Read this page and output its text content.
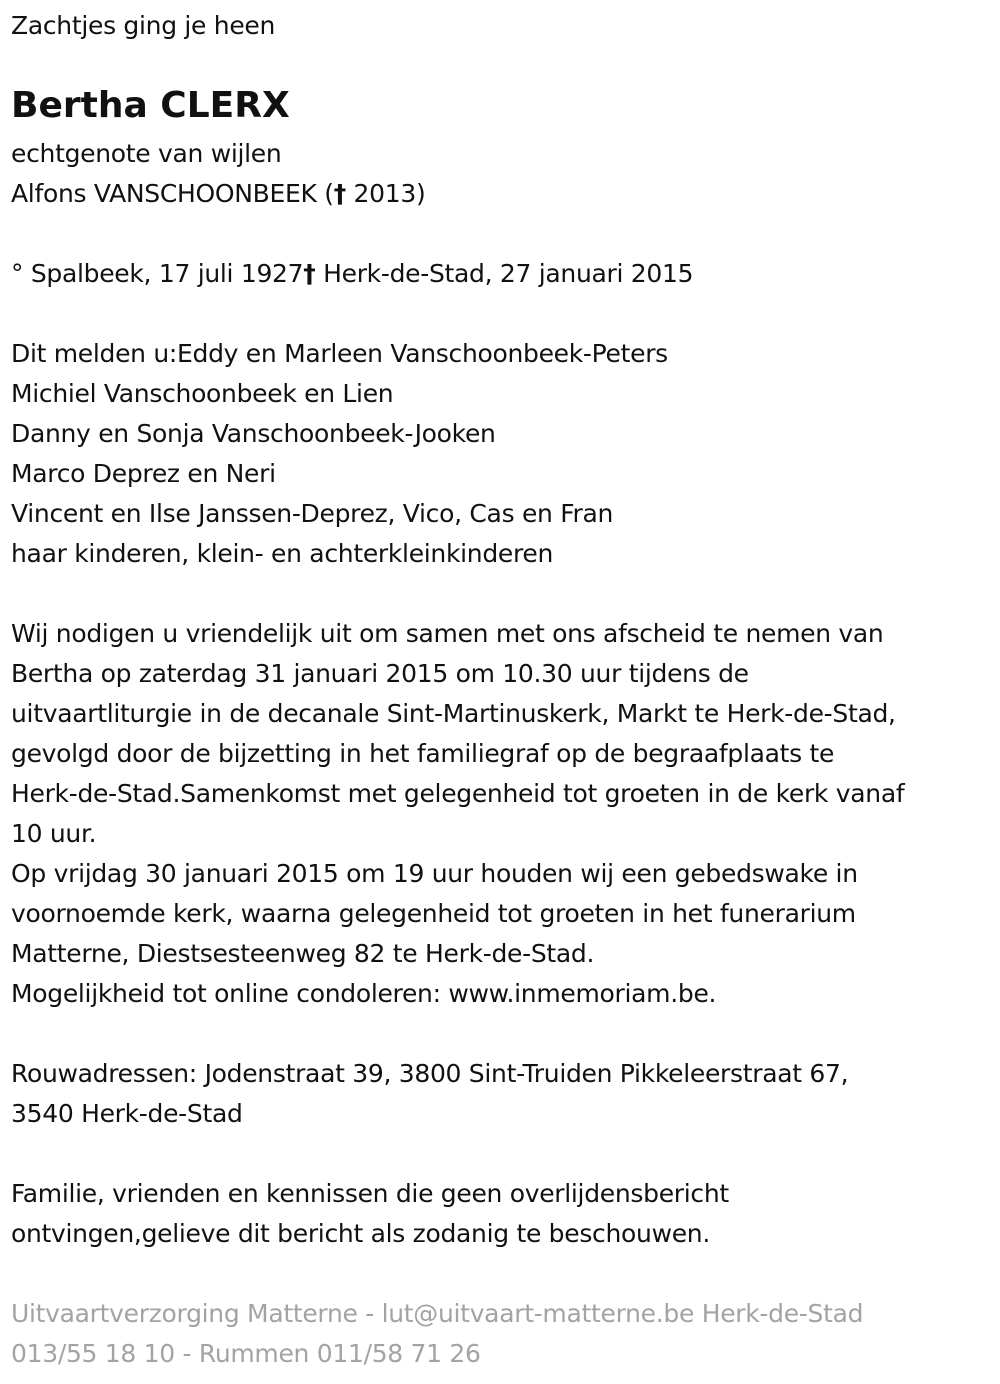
Zachtjes ging je heen
Bertha CLERX
echtgenote van wijlen
Alfons VANSCHOONBEEK († 2013)
° Spalbeek, 17 juli 1927† Herk-de-Stad, 27 januari 2015
Dit melden u:Eddy en Marleen Vanschoonbeek-Peters
Michiel Vanschoonbeek en Lien
Danny en Sonja Vanschoonbeek-Jooken
Marco Deprez en Neri
Vincent en Ilse Janssen-Deprez, Vico, Cas en Fran
haar kinderen, klein- en achterkleinkinderen
Wij nodigen u vriendelijk uit om samen met ons afscheid te nemen van
Bertha op zaterdag 31 januari 2015 om 10.30 uur tijdens de
uitvaartliturgie in de decanale Sint-Martinuskerk, Markt te Herk-de-Stad,
gevolgd door de bijzetting in het familiegraf op de begraafplaats te
Herk-de-Stad.Samenkomst met gelegenheid tot groeten in de kerk vanaf
10 uur.
Op vrijdag 30 januari 2015 om 19 uur houden wij een gebedswake in
voornoemde kerk, waarna gelegenheid tot groeten in het funerarium
Matterne, Diestsesteenweg 82 te Herk-de-Stad.
Mogelijkheid tot online condoleren: www.inmemoriam.be.
Rouwadressen: Jodenstraat 39, 3800 Sint-Truiden Pikkeleerstraat 67,
3540 Herk-de-Stad
Familie, vrienden en kennissen die geen overlijdensbericht
ontvingen,gelieve dit bericht als zodanig te beschouwen.
Uitvaartverzorging Matterne - lut@uitvaart-matterne.be Herk-de-Stad
013/55 18 10 - Rummen 011/58 71 26
